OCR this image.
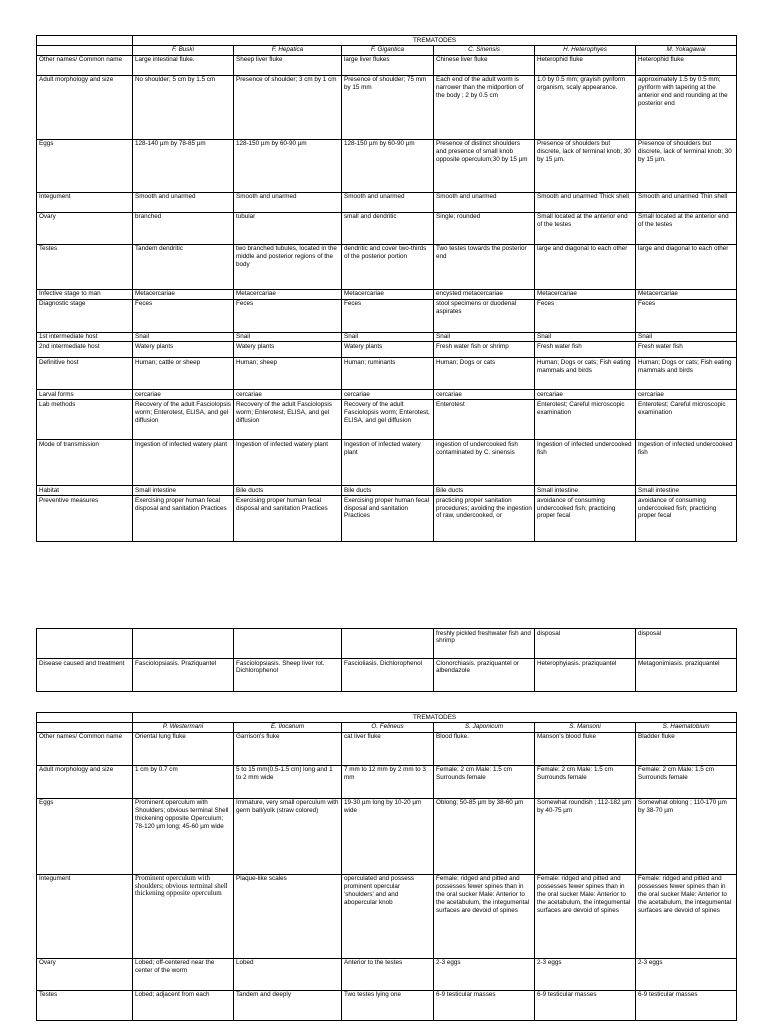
	TREMATODES					
	F. Buski	F. Hepatica	F. Gigantica	C. Sinensis	H. Heterophyes	M. Yokagawai
Other names/ Common name	Large intestinal fluke.	Sheep liver fluke	large liver flukes	Chinese liver fluke	Heterophid fluke	Heterophid fluke
Adult morphology and size	No shoulder; 5 cm by 1.5 cm	Presence of shoulder; 3 cm by 1 cm	Presence of shoulder; 75 mm by 15 mm	Each end of the adult worm is narrower than the midportion of the body ; 2 by 0.5 cm	1.0 by 0.5 mm; grayish pyriform organism, scaly appearance.	approximately 1.5 by 0.5 mm; pyriform with tapering at the anterior end and rounding at the posterior end
Eggs	128-140 µm by 78-85 µm	128-150 µm by 60-90 µm	128-150 µm by 60-90 µm	Presence of distinct shoulders and presence of small knob opposite operculum;30 by 15 µm	Presence of shoulders but discrete, lack of terminal knob; 30 by 15 µm.	Presence of shoulders but discrete, lack of terminal knob; 30 by 15 µm.
Integument	Smooth and unarmed	Smooth and unarmed	Smooth and unarmed	Smooth and unarmed	Smooth and unarmed Thick shell	Smooth and unarmed Thin shell
Ovary	branched	tubular	small and dendritic	Single; rounded	Small located at the anterior end of the testes	Small located at the anterior end of the testes
Testes	Tandem dendritic	two branched tubules, located in the middle and posterior regions of the body	dendritic and cover two-thirds of the posterior portion	Two testes towards the posterior end	large and diagonal to each other	large and diagonal to each other
Infective stage to man	Metacercariae	Metacercariae	Metacercariae	encysted metacercariae	Metacercariae	Metacercariae
Diagnostic stage	Feces	Feces	Feces	stool specimens or duodenal aspirates	Feces	Feces
1st intermediate host	Snail	Snail	Snail	Snail	Snail	Snail
2nd intermediate host	Watery plants	Watery plants	Watery plants	Fresh water fish or shrimp	Fresh water fish	Fresh water fish
Definitive host	Human; cattle or sheep	Human; sheep	Human; ruminants	Human; Dogs or cats	Human; Dogs or cats; Fish eating mammals and birds	Human; Dogs or cats; Fish eating mammals and birds
Larval forms	cercariae	cercariae	cercariae	cercariae	cercariae	cercariae
Lab methods	Recovery of the adult Fasciolopsis worm; Enterotest, ELISA, and gel diffusion	Recovery of the adult Fasciolopsis worm; Enterotest, ELISA, and gel diffusion	Recovery of the adult Fasciolopsis worm; Enterotest, ELISA, and gel diffusion	Enterotest	Enterotest; Careful microscopic examination	Enterotest; Careful microscopic examination
Mode of transmission	Ingestion of infected watery plant	Ingestion of infected watery plant	Ingestion of infected watery plant	ingestion of undercooked fish contaminated by C. sinensis	Ingestion of infected undercooked fish	Ingestion of infected undercooked fish
Habitat	Small intestine	Bile ducts	Bile ducts	Bile ducts	Small intestine	Small intestine
Preventive measures	Exercising proper human fecal disposal and sanitation Practices	Exercising proper human fecal disposal and sanitation Practices	Exercising proper human fecal disposal and sanitation Practices	practicing proper sanitation procedures; avoiding the ingestion of raw, undercooked, or	avoidance of consuming undercooked fish; practicing proper fecal	avoidance of consuming undercooked fish; practicing proper fecal
				freshly pickled freshwater fish and shrimp	disposal	disposal
Disease caused and treatment	Fasciolopsiasis. Praziquantel	Fasciolopsiasis. Sheep liver rot. Dichlorophenol	Fascioliasis. Dichlorophenol	Clonorchiasis. praziquantel or albendazole	Heterophyiasis. praziquantel	Metagonimiasis. praziquantel
	TREMATODES					
	P. Westermani	E. Ilocanum	O. Felineus	S. Japonicum	S. Mansoni	S. Haematobium
Other names/ Common name	Oriental lung fluke	Garrison's fluke	cat liver fluke	Blood fluke.	Manson's blood fluke	Bladder fluke
Adult morphology and size	1 cm by 0.7 cm	5 to 15 mm(0.5-1.5 cm) long and 1 to 2 mm wide	7 mm to 12 mm by 2 mm to 3 mm	Female: 2 cm Male: 1.5 cm Surrounds female	Female: 2 cm Male: 1.5 cm Surrounds female	Female: 2 cm Male: 1.5 cm Surrounds female
Eggs	Prominent operculum with Shoulders; obvious terminal Shell thickening opposite Operculum; 78-120 µm long; 45-60 µm wide	Immature, very small operculum with germ ball/yolk (straw colored)	19-30 µm long by 10-20 µm wide	Oblong; 50-85 µm by 38-60 µm	Somewhat roundish ; 112-182 µm by 40-75 µm	Somewhat oblong ; 110-170 µm by 38-70 µm
Integument	Prominent operculum with shoulders; obvious terminal shell thickening opposite operculum	Plaque-like scales	operculated and possess prominent opercular 'shoulders' and and abopercular knob	Female: ridged and pitted and possesses fewer spines than in the oral sucker Male: Anterior to the acetabulum, the integumental surfaces are devoid of spines	Female: ridged and pitted and possesses fewer spines than in the oral sucker Male: Anterior to the acetabulum, the integumental surfaces are devoid of spines	Female: ridged and pitted and possesses fewer spines than in the oral sucker Male: Anterior to the acetabulum, the integumental surfaces are devoid of spines
Ovary	Lobed; off-centered near the center of the worm	Lobed	Anterior to the testes	2-3 eggs	2-3 eggs	2-3 eggs
Testes	Lobed; adjacent from each	Tandem and deeply	Two testes lying one	6-9 testicular masses	6-9 testicular masses	6-9 testicular masses
